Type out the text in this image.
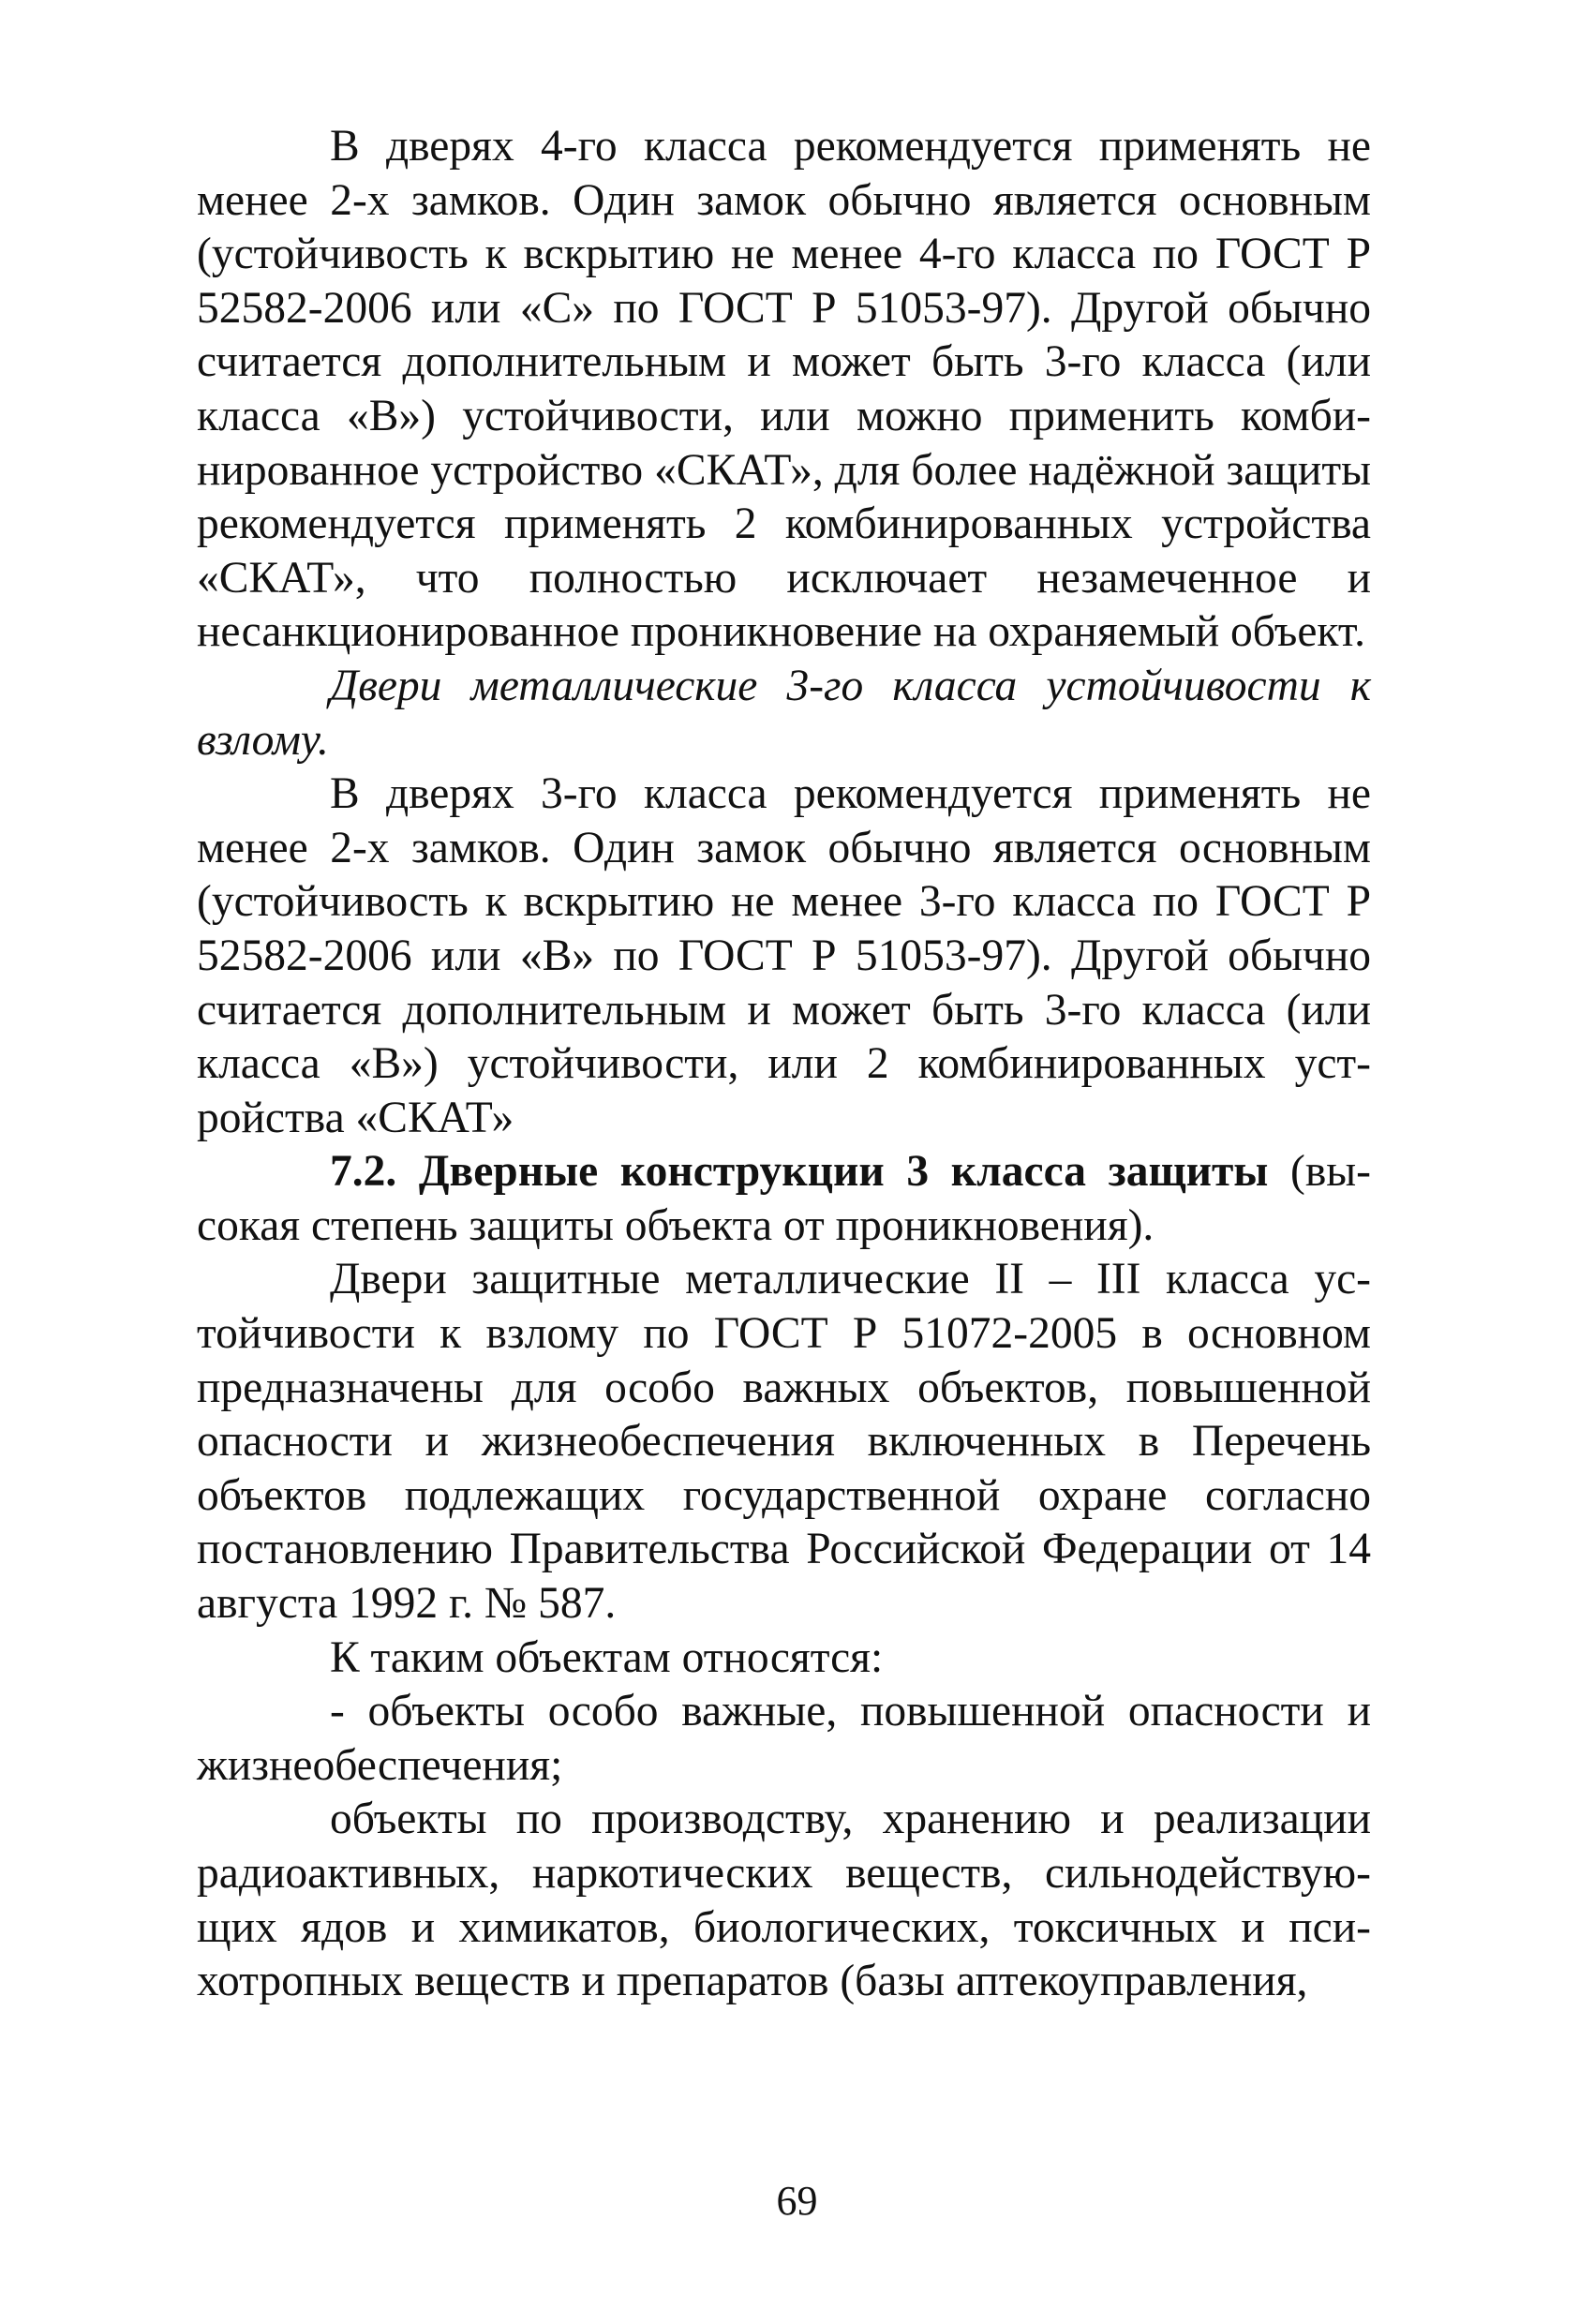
В дверях 4-го класса рекомендуется применять не менее 2-х замков. Один замок обычно является основным (устойчивость к вскрытию не менее 4-го класса по ГОСТ Р 52582-2006 или «С» по ГОСТ Р 51053-97). Другой обычно считается дополнительным и может быть 3-го класса (или класса «В») устойчивости, или можно применить комбинированное устройство «СКАТ», для более надёжной защиты рекомендуется применять 2 комбинированных устройства «СКАТ», что полностью исключает незамеченное и несанкционированное проникновение на охраняемый объект.

Двери металлические 3-го класса устойчивости к взлому.

В дверях 3-го класса рекомендуется применять не менее 2-х замков. Один замок обычно является основным (устойчивость к вскрытию не менее 3-го класса по ГОСТ Р 52582-2006 или «В» по ГОСТ Р 51053-97). Другой обычно считается дополнительным и может быть 3-го класса (или класса «В») устойчивости, или 2 комбинированных устройства «СКАТ»

7.2. Дверные конструкции 3 класса защиты (высокая степень защиты объекта от проникновения).

Двери защитные металлические II – III класса устойчивости к взлому по ГОСТ Р 51072-2005 в основном предназначены для особо важных объектов, повышенной опасности и жизнеобеспечения включенных в Перечень объектов подлежащих государственной охране согласно постановлению Правительства Российской Федерации от 14 августа 1992 г. № 587.

К таким объектам относятся:

- объекты особо важные, повышенной опасности и жизнеобеспечения;

объекты по производству, хранению и реализации радиоактивных, наркотических веществ, сильнодействующих ядов и химикатов, биологических, токсичных и психотропных веществ и препаратов (базы аптекоуправления,

69
